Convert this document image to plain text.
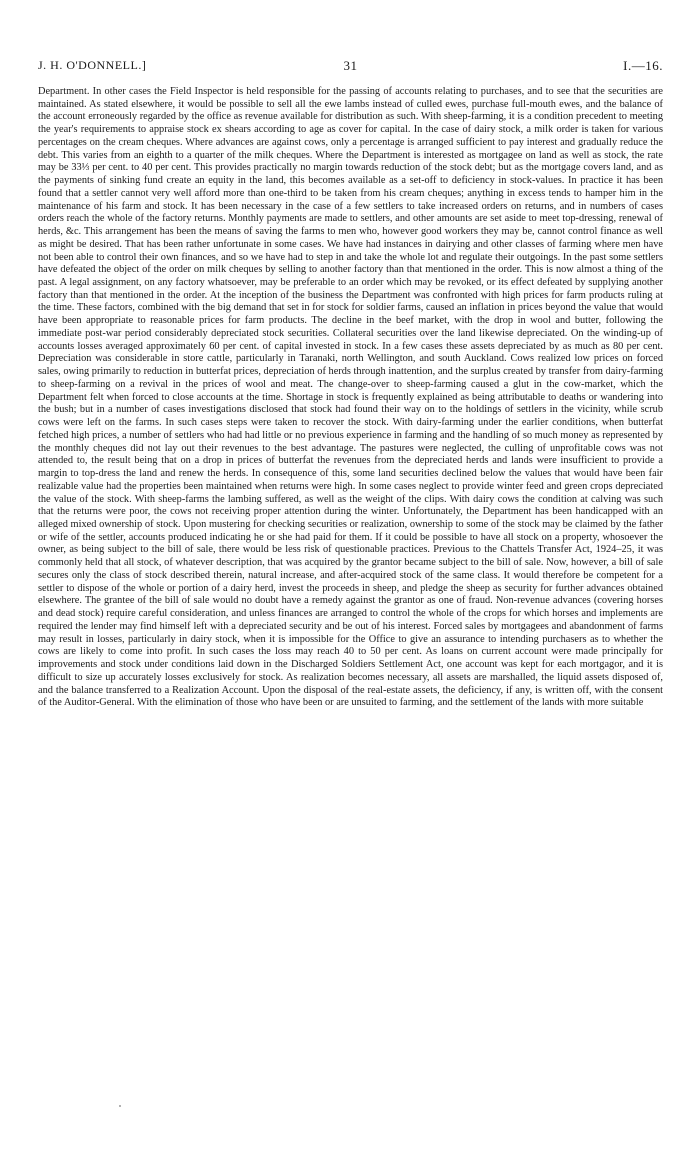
J. H. O'DONNELL.]	31	I.—16.

Department. In other cases the Field Inspector is held responsible for the passing of accounts relating to purchases, and to see that the securities are maintained. As stated elsewhere, it would be possible to sell all the ewe lambs instead of culled ewes, purchase full-mouth ewes, and the balance of the account erroneously regarded by the office as revenue available for distribution as such. With sheep-farming, it is a condition precedent to meeting the year's requirements to appraise stock ex shears according to age as cover for capital. In the case of dairy stock, a milk order is taken for various percentages on the cream cheques. Where advances are against cows, only a percentage is arranged sufficient to pay interest and gradually reduce the debt. This varies from an eighth to a quarter of the milk cheques. Where the Department is interested as mortgagee on land as well as stock, the rate may be 33⅓ per cent. to 40 per cent. This provides practically no margin towards reduction of the stock debt; but as the mortgage covers land, and as the payments of sinking fund create an equity in the land, this becomes available as a set-off to deficiency in stock-values. In practice it has been found that a settler cannot very well afford more than one-third to be taken from his cream cheques; anything in excess tends to hamper him in the maintenance of his farm and stock. It has been necessary in the case of a few settlers to take increased orders on returns, and in numbers of cases orders reach the whole of the factory returns. Monthly payments are made to settlers, and other amounts are set aside to meet top-dressing, renewal of herds, &c. This arrangement has been the means of saving the farms to men who, however good workers they may be, cannot control finance as well as might be desired. That has been rather unfortunate in some cases. We have had instances in dairying and other classes of farming where men have not been able to control their own finances, and so we have had to step in and take the whole lot and regulate their outgoings. In the past some settlers have defeated the object of the order on milk cheques by selling to another factory than that mentioned in the order. This is now almost a thing of the past. A legal assignment, on any factory whatsoever, may be preferable to an order which may be revoked, or its effect defeated by supplying another factory than that mentioned in the order. At the inception of the business the Department was confronted with high prices for farm products ruling at the time. These factors, combined with the big demand that set in for stock for soldier farms, caused an inflation in prices beyond the value that would have been appropriate to reasonable prices for farm products. The decline in the beef market, with the drop in wool and butter, following the immediate post-war period considerably depreciated stock securities. Collateral securities over the land likewise depreciated. On the winding-up of accounts losses averaged approximately 60 per cent. of capital invested in stock. In a few cases these assets depreciated by as much as 80 per cent. Depreciation was considerable in store cattle, particularly in Taranaki, north Wellington, and south Auckland. Cows realized low prices on forced sales, owing primarily to reduction in butterfat prices, depreciation of herds through inattention, and the surplus created by transfer from dairy-farming to sheep-farming on a revival in the prices of wool and meat. The change-over to sheep-farming caused a glut in the cow-market, which the Department felt when forced to close accounts at the time. Shortage in stock is frequently explained as being attributable to deaths or wandering into the bush; but in a number of cases investigations disclosed that stock had found their way on to the holdings of settlers in the vicinity, while scrub cows were left on the farms. In such cases steps were taken to recover the stock. With dairy-farming under the earlier conditions, when butterfat fetched high prices, a number of settlers who had had little or no previous experience in farming and the handling of so much money as represented by the monthly cheques did not lay out their revenues to the best advantage. The pastures were neglected, the culling of unprofitable cows was not attended to, the result being that on a drop in prices of butterfat the revenues from the depreciated herds and lands were insufficient to provide a margin to top-dress the land and renew the herds. In consequence of this, some land securities declined below the values that would have been fair realizable value had the properties been maintained when returns were high. In some cases neglect to provide winter feed and green crops depreciated the value of the stock. With sheep-farms the lambing suffered, as well as the weight of the clips. With dairy cows the condition at calving was such that the returns were poor, the cows not receiving proper attention during the winter. Unfortunately, the Department has been handicapped with an alleged mixed ownership of stock. Upon mustering for checking securities or realization, ownership to some of the stock may be claimed by the father or wife of the settler, accounts produced indicating he or she had paid for them. If it could be possible to have all stock on a property, whosoever the owner, as being subject to the bill of sale, there would be less risk of questionable practices. Previous to the Chattels Transfer Act, 1924–25, it was commonly held that all stock, of whatever description, that was acquired by the grantor became subject to the bill of sale. Now, however, a bill of sale secures only the class of stock described therein, natural increase, and after-acquired stock of the same class. It would therefore be competent for a settler to dispose of the whole or portion of a dairy herd, invest the proceeds in sheep, and pledge the sheep as security for further advances obtained elsewhere. The grantee of the bill of sale would no doubt have a remedy against the grantor as one of fraud. Non-revenue advances (covering horses and dead stock) require careful consideration, and unless finances are arranged to control the whole of the crops for which horses and implements are required the lender may find himself left with a depreciated security and be out of his interest. Forced sales by mortgagees and abandonment of farms may result in losses, particularly in dairy stock, when it is impossible for the Office to give an assurance to intending purchasers as to whether the cows are likely to come into profit. In such cases the loss may reach 40 to 50 per cent. As loans on current account were made principally for improvements and stock under conditions laid down in the Discharged Soldiers Settlement Act, one account was kept for each mortgagor, and it is difficult to size up accurately losses exclusively for stock. As realization becomes necessary, all assets are marshalled, the liquid assets disposed of, and the balance transferred to a Realization Account. Upon the disposal of the real-estate assets, the deficiency, if any, is written off, with the consent of the Auditor-General. With the elimination of those who have been or are unsuited to farming, and the settlement of the lands with more suitable
